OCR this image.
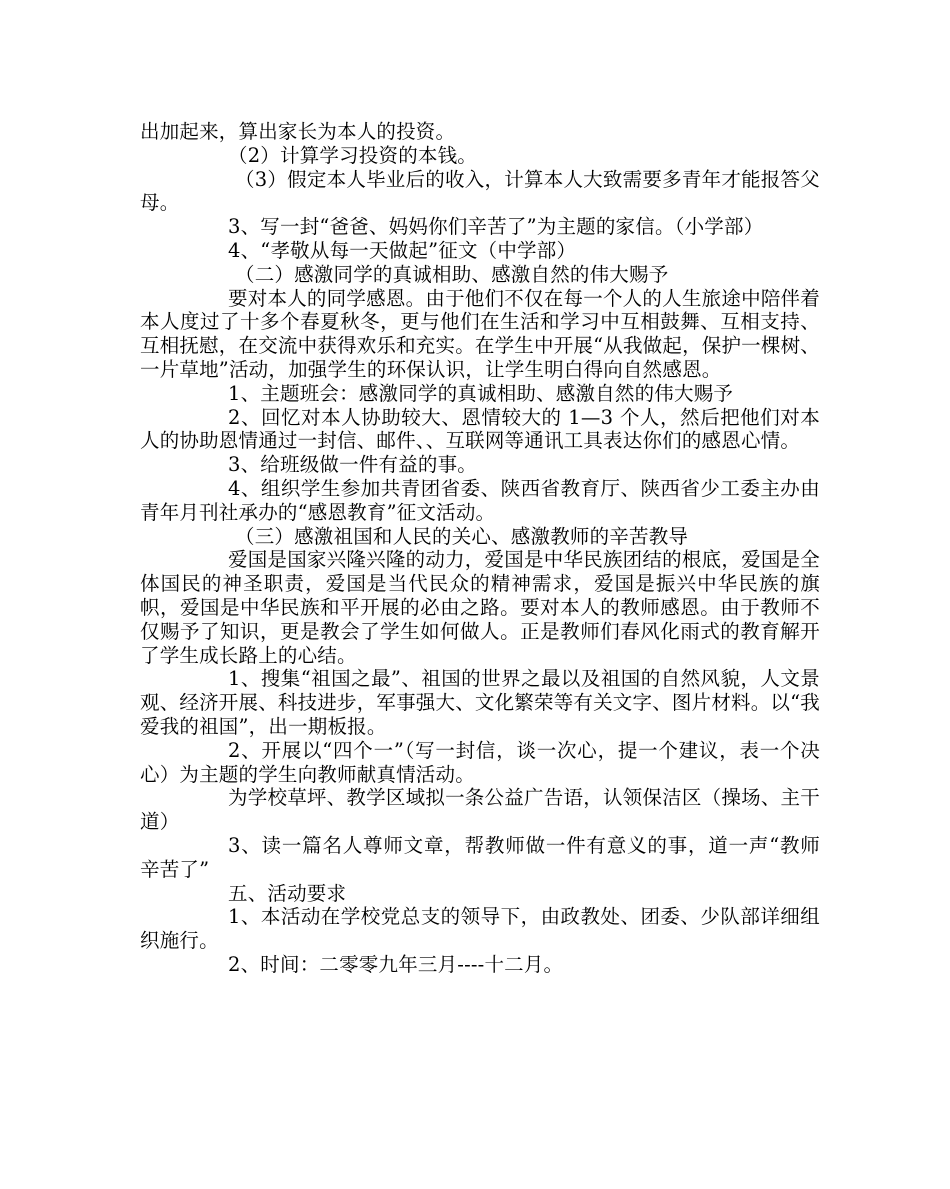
出加起来，算出家长为本人的投资。

（2）计算学习投资的本钱。

（3）假定本人毕业后的收入，计算本人大致需要多青年才能报答父母。

3、写一封“爸爸、妈妈你们辛苦了”为主题的家信。（小学部）

4、“孝敬从每一天做起”征文（中学部）

（二）感激同学的真诚相助、感激自然的伟大赐予

要对本人的同学感恩。由于他们不仅在每一个人的人生旅途中陪伴着本人度过了十多个春夏秋冬，更与他们在生活和学习中互相鼓舞、互相支持、互相抚慰，在交流中获得欢乐和充实。在学生中开展“从我做起，保护一棵树、一片草地”活动，加强学生的环保认识，让学生明白得向自然感恩。

1、主题班会：感激同学的真诚相助、感激自然的伟大赐予

2、回忆对本人协助较大、恩情较大的 1—3 个人，然后把他们对本人的协助恩情通过一封信、邮件、、互联网等通讯工具表达你们的感恩心情。

3、给班级做一件有益的事。

4、组织学生参加共青团省委、陕西省教育厅、陕西省少工委主办由青年月刊社承办的“感恩教育”征文活动。

（三）感激祖国和人民的关心、感激教师的辛苦教导

爱国是国家兴隆兴隆的动力，爱国是中华民族团结的根底，爱国是全体国民的神圣职责，爱国是当代民众的精神需求，爱国是振兴中华民族的旗帜，爱国是中华民族和平开展的必由之路。要对本人的教师感恩。由于教师不仅赐予了知识，更是教会了学生如何做人。正是教师们春风化雨式的教育解开了学生成长路上的心结。

1、搜集“祖国之最”、祖国的世界之最以及祖国的自然风貌，人文景观、经济开展、科技进步，军事强大、文化繁荣等有关文字、图片材料。以“我爱我的祖国”，出一期板报。

2、开展以“四个一”（写一封信，谈一次心，提一个建议，表一个决心）为主题的学生向教师献真情活动。

为学校草坪、教学区域拟一条公益广告语，认领保洁区（操场、主干道）

3、读一篇名人尊师文章，帮教师做一件有意义的事，道一声“教师辛苦了”

五、活动要求

1、本活动在学校党总支的领导下，由政教处、团委、少队部详细组织施行。

2、时间：二零零九年三月----十二月。
